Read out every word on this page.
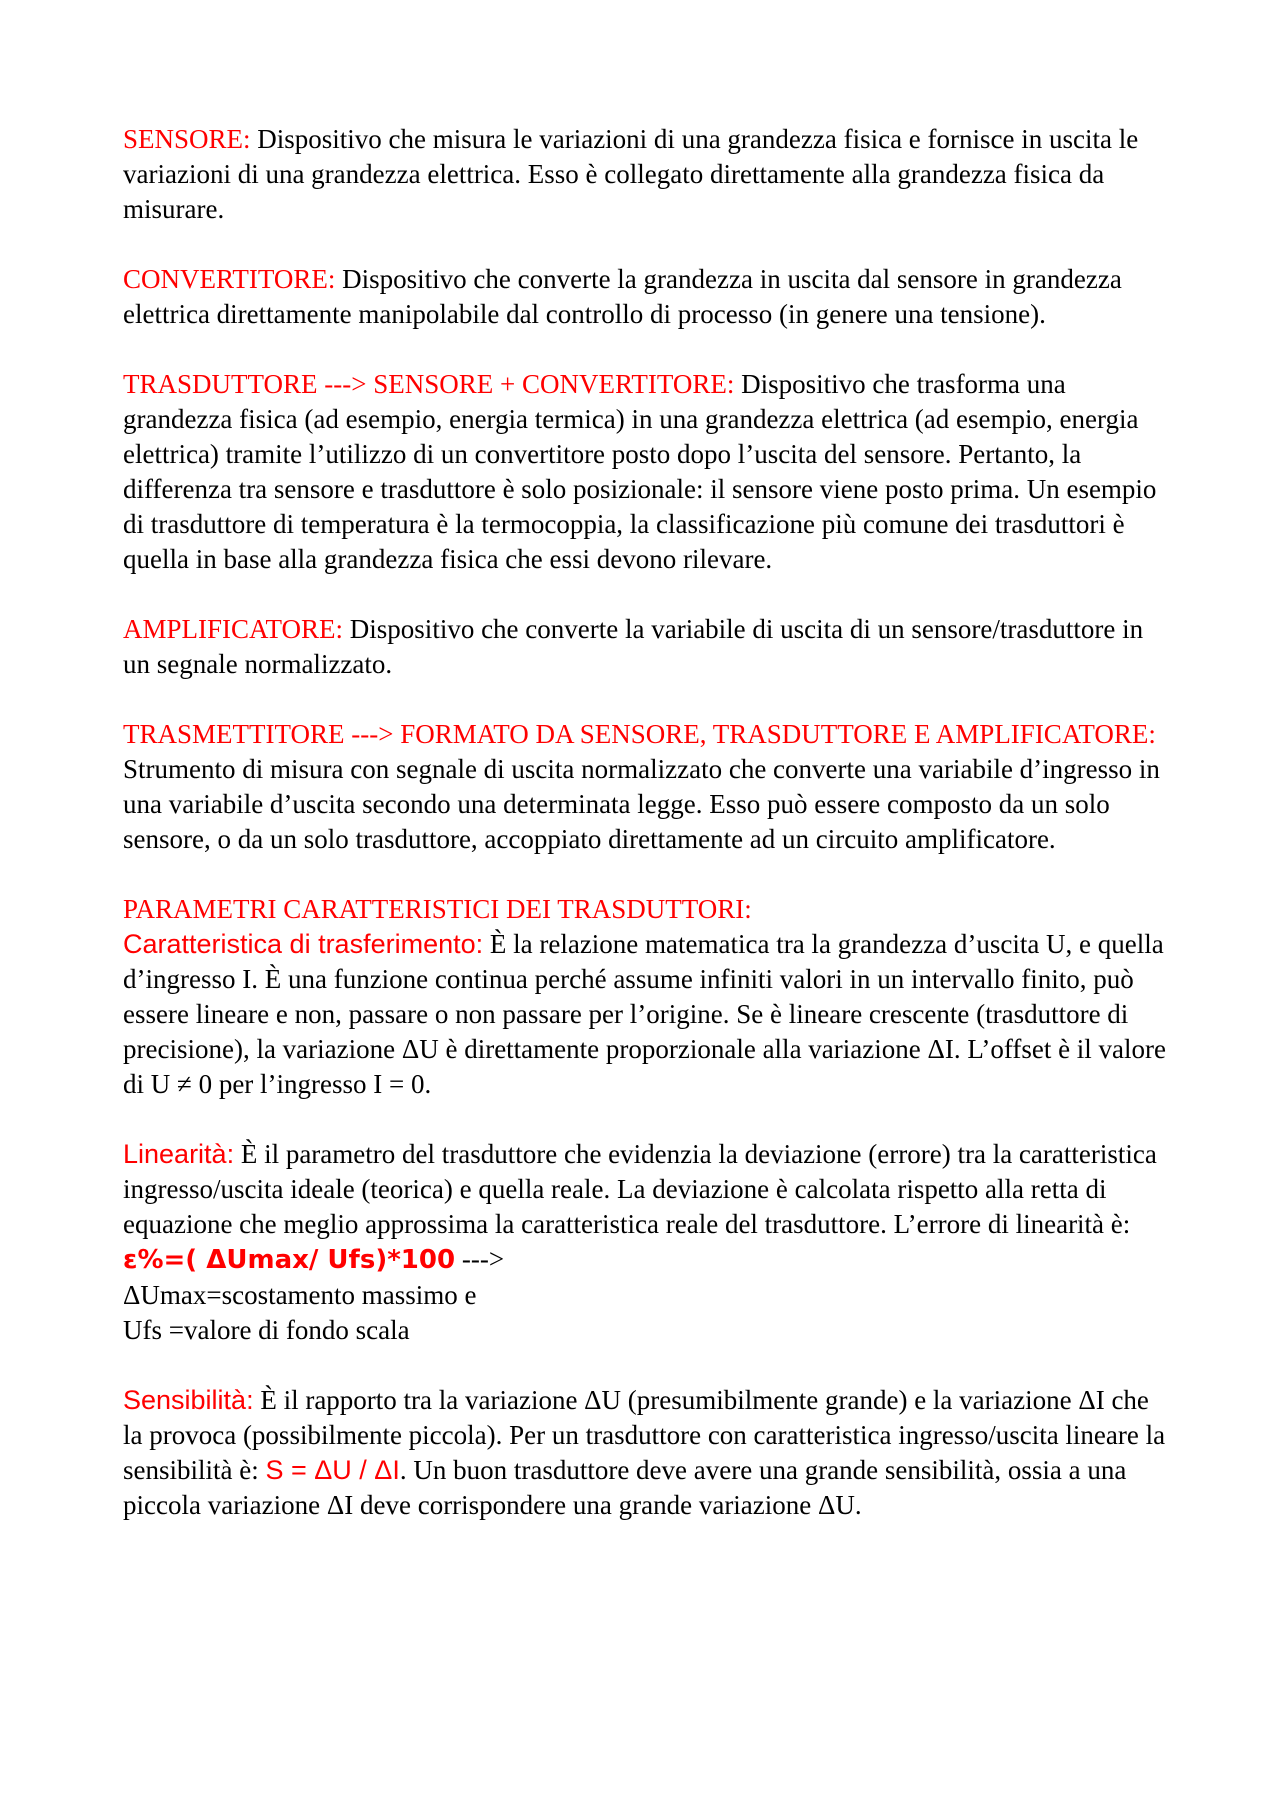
SENSORE: Dispositivo che misura le variazioni di una grandezza fisica e fornisce in uscita le variazioni di una grandezza elettrica. Esso è collegato direttamente alla grandezza fisica da misurare.

CONVERTITORE: Dispositivo che converte la grandezza in uscita dal sensore in grandezza elettrica direttamente manipolabile dal controllo di processo (in genere una tensione).

TRASDUTTORE ---> SENSORE + CONVERTITORE: Dispositivo che trasforma una grandezza fisica (ad esempio, energia termica) in una grandezza elettrica (ad esempio, energia elettrica) tramite l’utilizzo di un convertitore posto dopo l’uscita del sensore. Pertanto, la differenza tra sensore e trasduttore è solo posizionale: il sensore viene posto prima. Un esempio di trasduttore di temperatura è la termocoppia, la classificazione più comune dei trasduttori è quella in base alla grandezza fisica che essi devono rilevare.

AMPLIFICATORE: Dispositivo che converte la variabile di uscita di un sensore/trasduttore in un segnale normalizzato.

TRASMETTITORE ---> FORMATO DA SENSORE, TRASDUTTORE E AMPLIFICATORE: Strumento di misura con segnale di uscita normalizzato che converte una variabile d’ingresso in una variabile d’uscita secondo una determinata legge. Esso può essere composto da un solo sensore, o da un solo trasduttore, accoppiato direttamente ad un circuito amplificatore.

PARAMETRI CARATTERISTICI DEI TRASDUTTORI:
Caratteristica di trasferimento: È la relazione matematica tra la grandezza d’uscita U, e quella d’ingresso I. È una funzione continua perché assume infiniti valori in un intervallo finito, può essere lineare e non, passare o non passare per l’origine. Se è lineare crescente (trasduttore di precisione), la variazione ΔU è direttamente proporzionale alla variazione ΔI. L’offset è il valore di U ≠ 0 per l’ingresso I = 0.

Linearità: È il parametro del trasduttore che evidenzia la deviazione (errore) tra la caratteristica ingresso/uscita ideale (teorica) e quella reale. La deviazione è calcolata rispetto alla retta di equazione che meglio approssima la caratteristica reale del trasduttore. L’errore di linearità è: ε%=( ΔUmax/ Ufs)*100 --->
ΔUmax=scostamento massimo e
Ufs =valore di fondo scala

Sensibilità: È il rapporto tra la variazione ΔU (presumibilmente grande) e la variazione ΔI che la provoca (possibilmente piccola). Per un trasduttore con caratteristica ingresso/uscita lineare la sensibilità è: S = ΔU / ΔI. Un buon trasduttore deve avere una grande sensibilità, ossia a una piccola variazione ΔI deve corrispondere una grande variazione ΔU.
